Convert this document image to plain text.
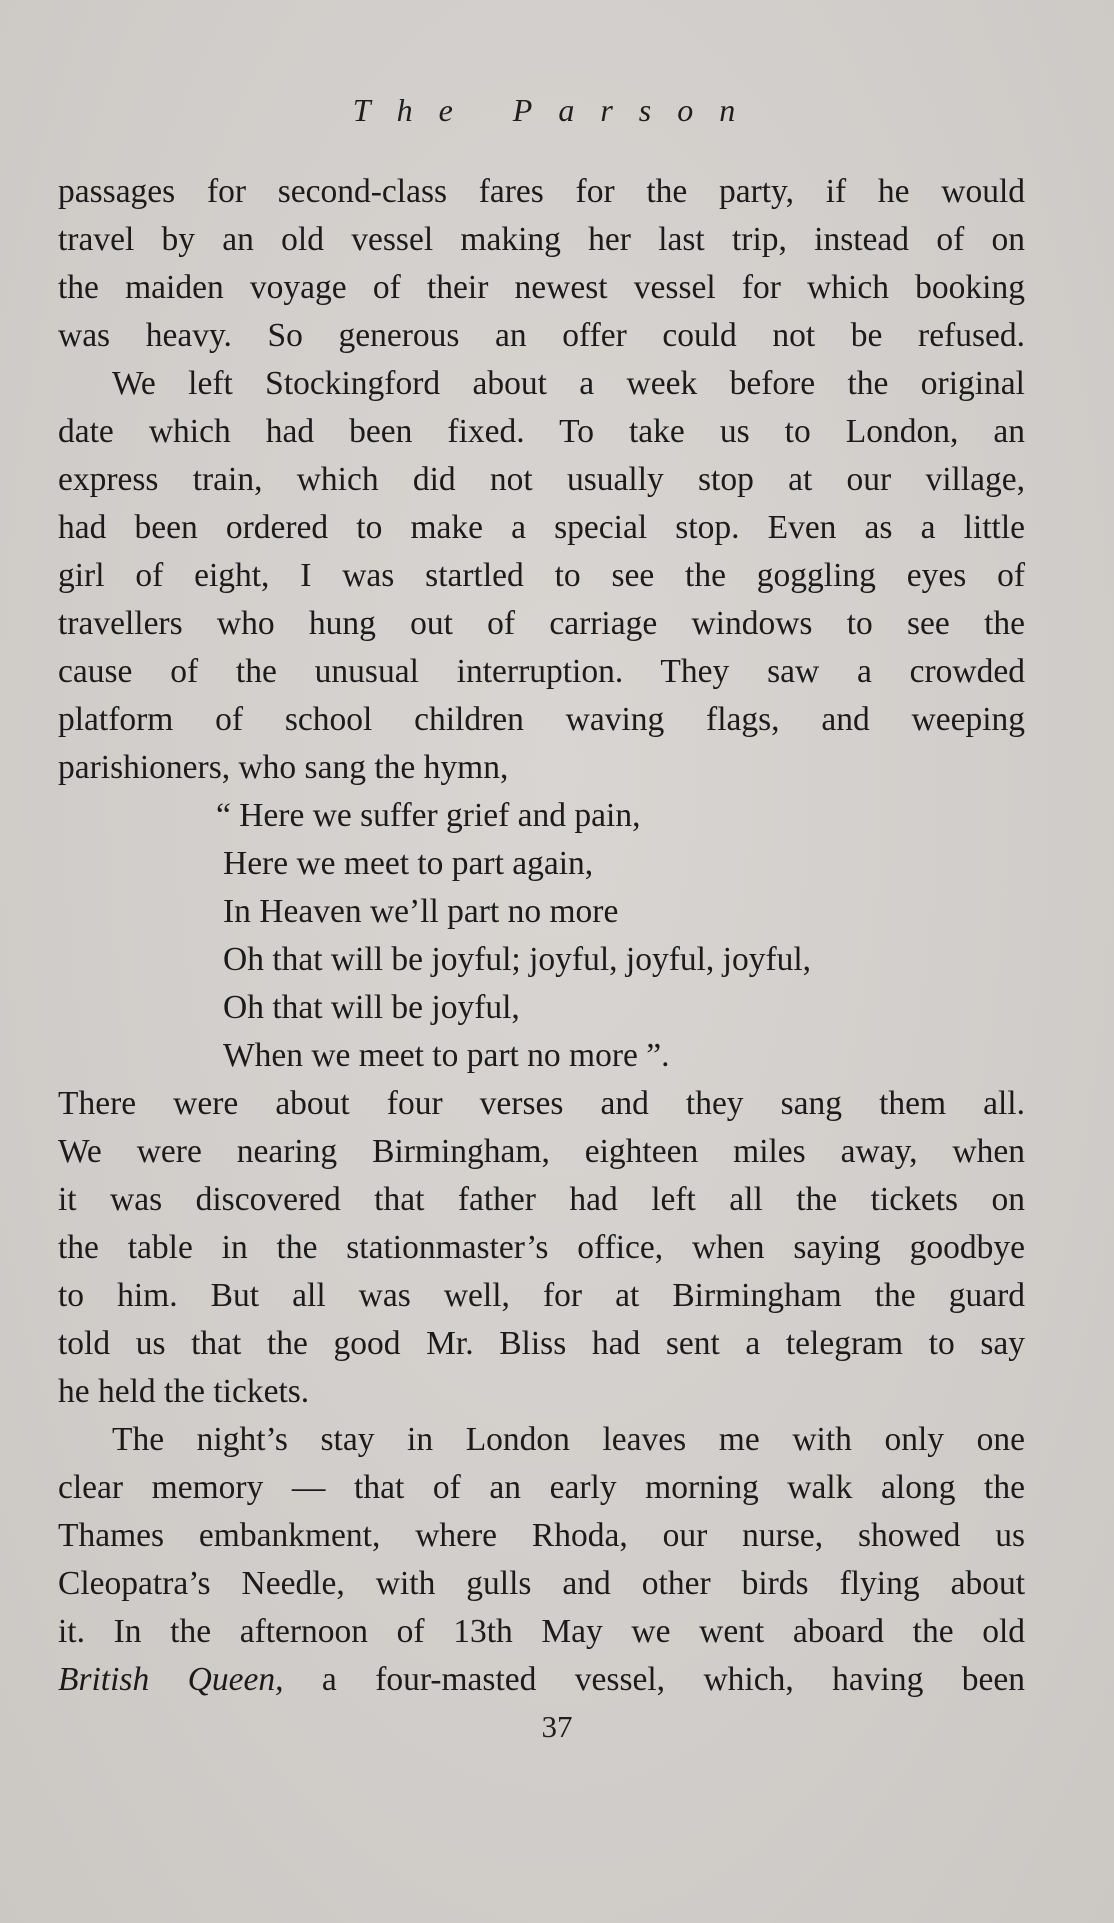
The Parson
passages for second-class fares for the party, if he would
travel by an old vessel making her last trip, instead of on
the maiden voyage of their newest vessel for which booking
was heavy. So generous an offer could not be refused.
We left Stockingford about a week before the original
date which had been fixed. To take us to London, an
express train, which did not usually stop at our village,
had been ordered to make a special stop. Even as a little
girl of eight, I was startled to see the goggling eyes of
travellers who hung out of carriage windows to see the
cause of the unusual interruption. They saw a crowded
platform of school children waving flags, and weeping
parishioners, who sang the hymn,
“ Here we suffer grief and pain,
Here we meet to part again,
In Heaven we’ll part no more
Oh that will be joyful; joyful, joyful, joyful,
Oh that will be joyful,
When we meet to part no more ”.
There were about four verses and they sang them all.
We were nearing Birmingham, eighteen miles away, when
it was discovered that father had left all the tickets on
the table in the stationmaster’s office, when saying goodbye
to him. But all was well, for at Birmingham the guard
told us that the good Mr. Bliss had sent a telegram to say
he held the tickets.
The night’s stay in London leaves me with only one
clear memory — that of an early morning walk along the
Thames embankment, where Rhoda, our nurse, showed us
Cleopatra’s Needle, with gulls and other birds flying about
it. In the afternoon of 13th May we went aboard the old
British Queen, a four-masted vessel, which, having been
37
